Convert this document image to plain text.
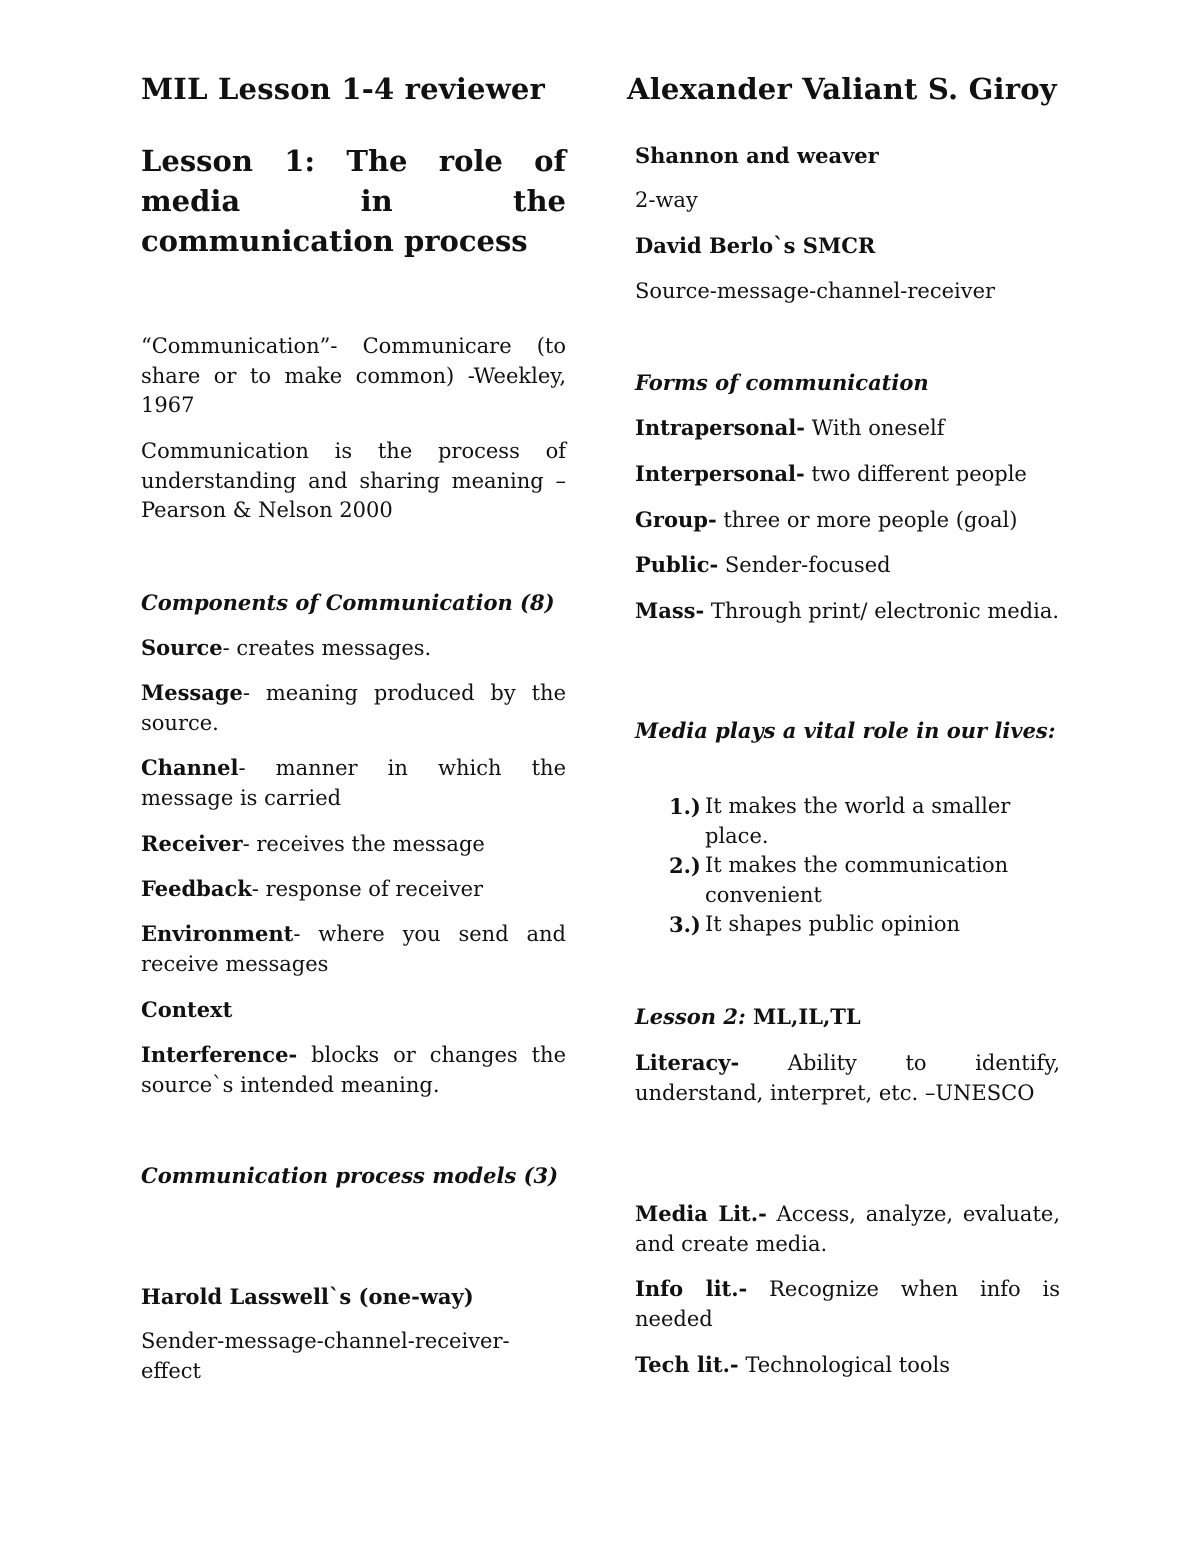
MIL Lesson 1-4 reviewer
Lesson 1: The role of media in the communication process

“Communication”- Communicare (to share or to make common) -Weekley, 1967

Communication is the process of understanding and sharing meaning –Pearson & Nelson 2000

Components of Communication (8)

Source- creates messages.

Message- meaning produced by the source.

Channel- manner in which the message is carried

Receiver- receives the message

Feedback- response of receiver

Environment- where you send and receive messages

Context

Interference- blocks or changes the source`s intended meaning.

Communication process models (3)

Harold Lasswell`s (one-way)

Sender-message-channel-receiver-effect

Alexander Valiant S. Giroy

Shannon and weaver

2-way

David Berlo`s SMCR

Source-message-channel-receiver

Forms of communication

Intrapersonal- With oneself

Interpersonal- two different people

Group- three or more people (goal)

Public- Sender-focused

Mass- Through print/ electronic media.

Media plays a vital role in our lives:

1.) It makes the world a smaller place.
2.) It makes the communication convenient
3.) It shapes public opinion

Lesson 2: ML,IL,TL

Literacy- Ability to identify, understand, interpret, etc. –UNESCO

Media Lit.- Access, analyze, evaluate, and create media.

Info lit.- Recognize when info is needed

Tech lit.- Technological tools
